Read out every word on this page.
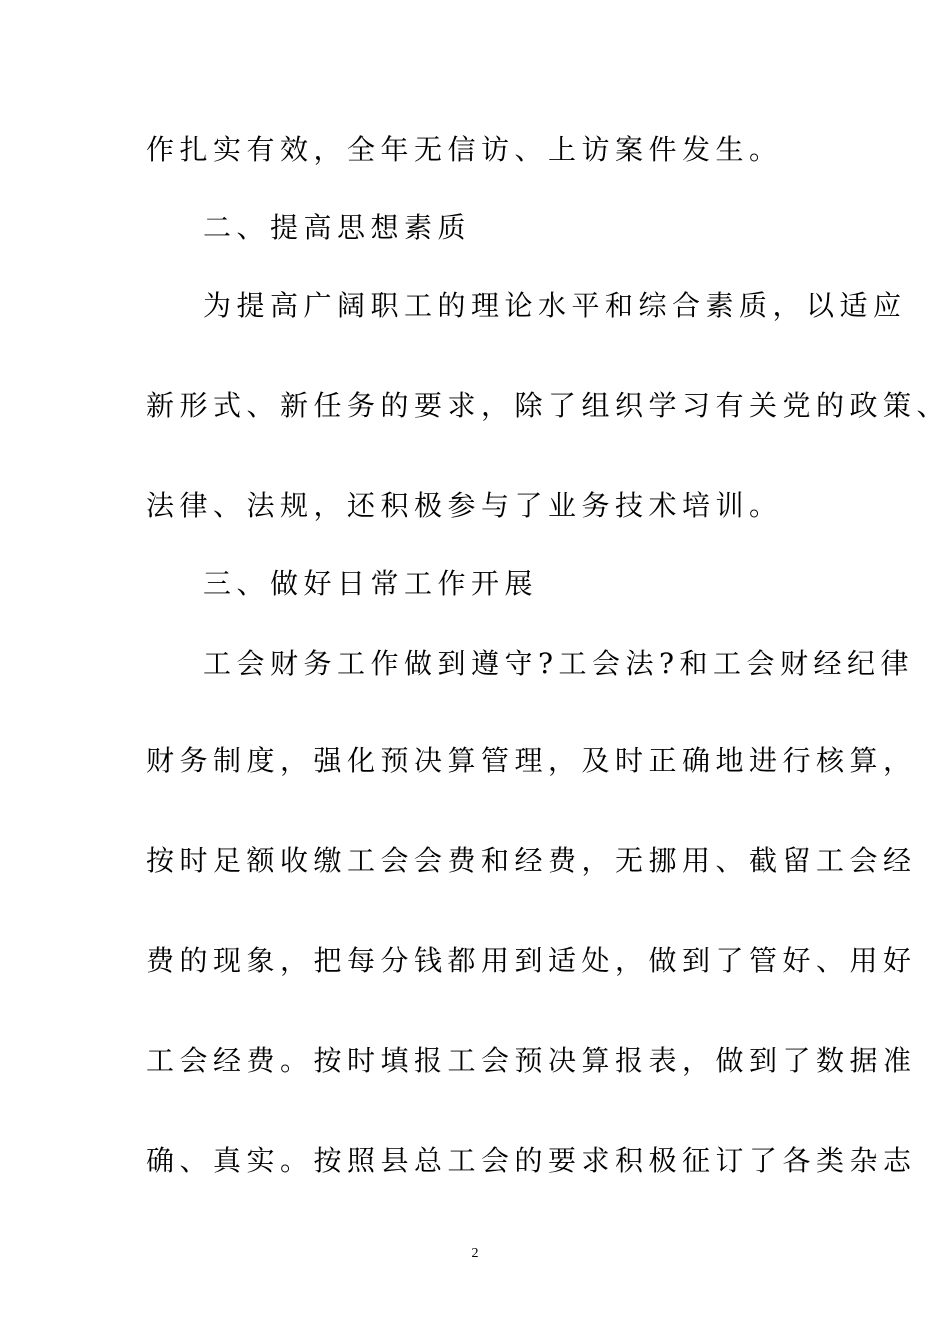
作扎实有效，全年无信访、上访案件发生。
二、提高思想素质
为提高广阔职工的理论水平和综合素质，以适应
新形式、新任务的要求，除了组织学习有关党的政策、
法律、法规，还积极参与了业务技术培训。
三、做好日常工作开展
工会财务工作做到遵守?工会法?和工会财经纪律
财务制度，强化预决算管理，及时正确地进行核算，
按时足额收缴工会会费和经费，无挪用、截留工会经
费的现象，把每分钱都用到适处，做到了管好、用好
工会经费。按时填报工会预决算报表，做到了数据准
确、真实。按照县总工会的要求积极征订了各类杂志
2
